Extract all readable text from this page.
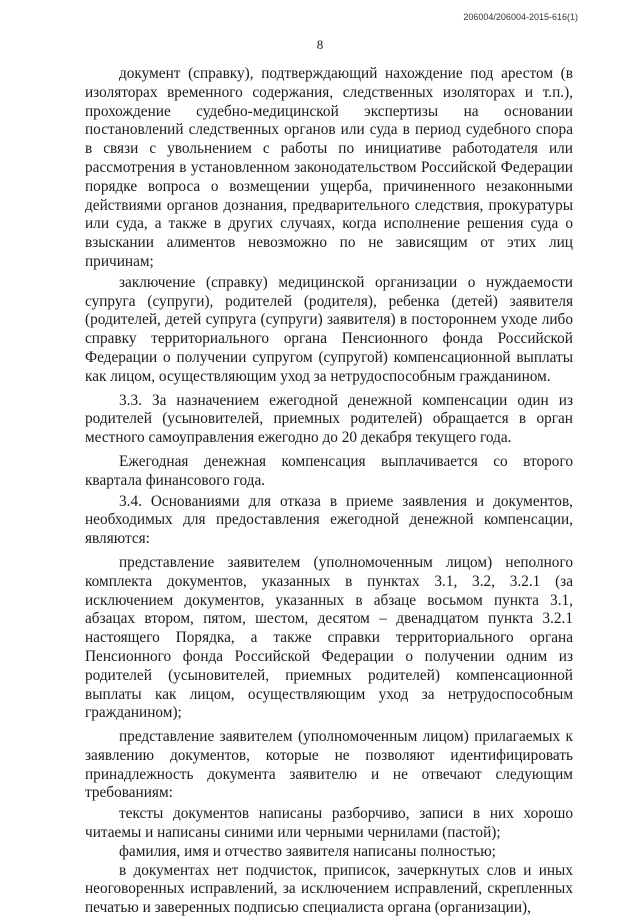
206004/206004-2015-616(1)
8

документ (справку), подтверждающий нахождение под арестом (в изоляторах временного содержания, следственных изоляторах и т.п.), прохождение судебно-медицинской экспертизы на основании постановлений следственных органов или суда в период судебного спора в связи с увольнением с работы по инициативе работодателя или рассмотрения в установленном законодательством Российской Федерации порядке вопроса о возмещении ущерба, причиненного незаконными действиями органов дознания, предварительного следствия, прокуратуры или суда, а также в других случаях, когда исполнение решения суда о взыскании алиментов невозможно по не зависящим от этих лиц причинам;

заключение (справку) медицинской организации о нуждаемости супруга (супруги), родителей (родителя), ребенка (детей) заявителя (родителей, детей супруга (супруги) заявителя) в постороннем уходе либо справку территориального органа Пенсионного фонда Российской Федерации о получении супругом (супругой) компенсационной выплаты как лицом, осуществляющим уход за нетрудоспособным гражданином.

3.3. За назначением ежегодной денежной компенсации один из родителей (усыновителей, приемных родителей) обращается в орган местного самоуправления ежегодно до 20 декабря текущего года.

Ежегодная денежная компенсация выплачивается со второго квартала финансового года.

3.4. Основаниями для отказа в приеме заявления и документов, необходимых для предоставления ежегодной денежной компенсации, являются:

представление заявителем (уполномоченным лицом) неполного комплекта документов, указанных в пунктах 3.1, 3.2, 3.2.1 (за исключением документов, указанных в абзаце восьмом пункта 3.1, абзацах втором, пятом, шестом, десятом – двенадцатом пункта 3.2.1 настоящего Порядка, а также справки территориального органа Пенсионного фонда Российской Федерации о получении одним из родителей (усыновителей, приемных родителей) компенсационной выплаты как лицом, осуществляющим уход за нетрудоспособным гражданином);

представление заявителем (уполномоченным лицом) прилагаемых к заявлению документов, которые не позволяют идентифицировать принадлежность документа заявителю и не отвечают следующим требованиям:

тексты документов написаны разборчиво, записи в них хорошо читаемы и написаны синими или черными чернилами (пастой);

фамилия, имя и отчество заявителя написаны полностью;

в документах нет подчисток, приписок, зачеркнутых слов и иных неоговоренных исправлений, за исключением исправлений, скрепленных печатью и заверенных подписью специалиста органа (организации),
